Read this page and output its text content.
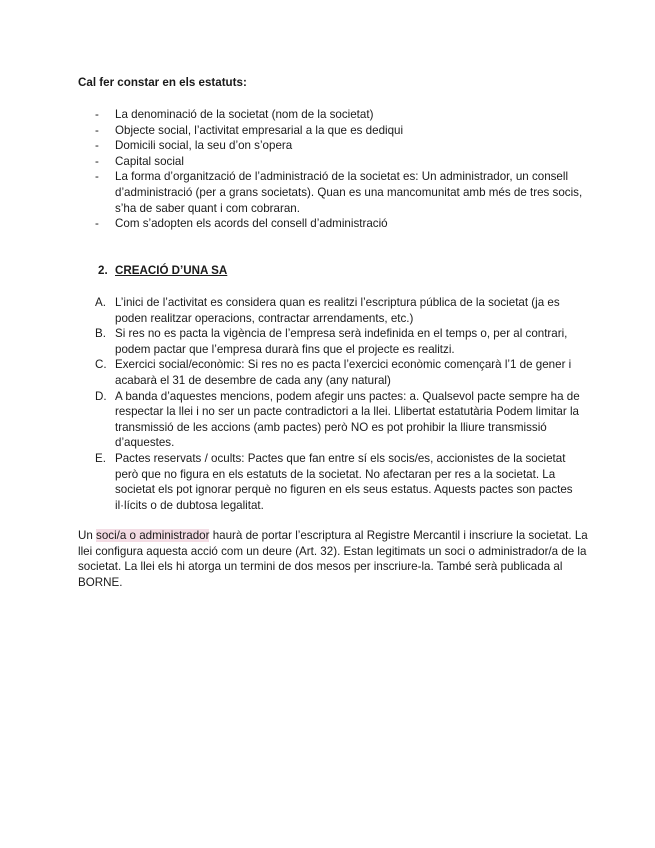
Cal fer constar en els estatuts:
- La denominació de la societat (nom de la societat)
- Objecte social, l’activitat empresarial a la que es dediqui
- Domicili social, la seu d’on s’opera
- Capital social
- La forma d’organització de l’administració de la societat es: Un administrador, un consell d’administració (per a grans societats). Quan es una mancomunitat amb més de tres socis, s’ha de saber quant i com cobraran.
- Com s’adopten els acords del consell d’administració
2. CREACIÓ D’UNA SA
A. L’inici de l’activitat es considera quan es realitzi l’escriptura pública de la societat (ja es poden realitzar operacions, contractar arrendaments, etc.)
B. Si res no es pacta la vigència de l’empresa serà indefinida en el temps o, per al contrari, podem pactar que l’empresa durarà fins que el projecte es realitzi.
C. Exercici social/econòmic: Si res no es pacta l’exercici econòmic començarà l’1 de gener i acabarà el 31 de desembre de cada any (any natural)
D. A banda d’aquestes mencions, podem afegir uns pactes: a. Qualsevol pacte sempre ha de respectar la llei i no ser un pacte contradictori a la llei. Llibertat estatutària Podem limitar la transmissió de les accions (amb pactes) però NO es pot prohibir la lliure transmissió d’aquestes.
E. Pactes reservats / ocults: Pactes que fan entre sí els socis/es, accionistes de la societat però que no figura en els estatuts de la societat. No afectaran per res a la societat. La societat els pot ignorar perquè no figuren en els seus estatus. Aquests pactes son pactes il·lícits o de dubtosa legalitat.

Un soci/a o administrador haurà de portar l’escriptura al Registre Mercantil i inscriure la societat. La llei configura aquesta acció com un deure (Art. 32). Estan legitimats un soci o administrador/a de la societat. La llei els hi atorga un termini de dos mesos per inscriure-la. També serà publicada al BORNE.
